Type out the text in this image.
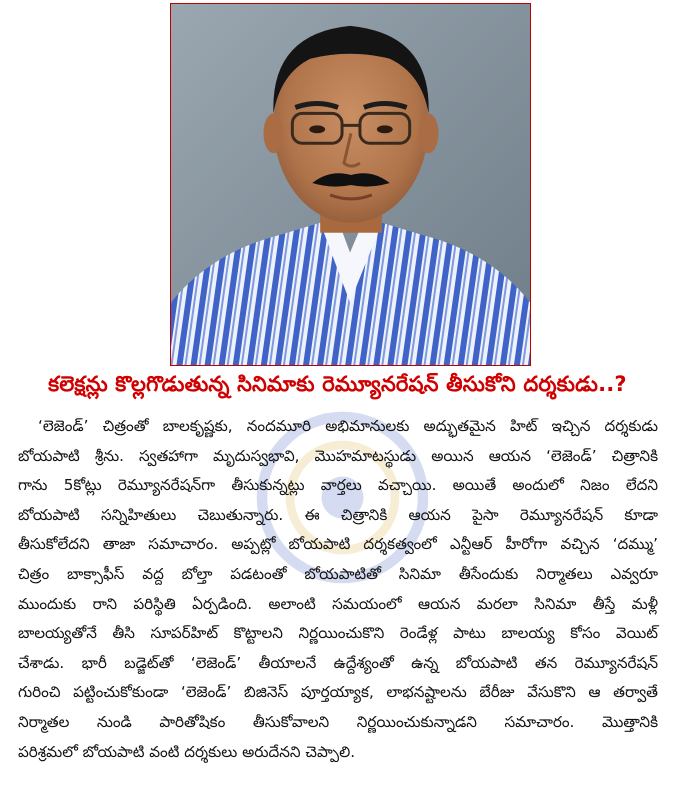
కలెక్షన్లు కొల్లగొడుతున్న సినిమాకు రెమ్యూనరేషన్ తీసుకోని దర్శకుడు..?
‘లెజెండ్’ చిత్రంతో బాలకృష్ణకు, నందమూరి అభిమానులకు అద్భుతమైన హిట్ ఇచ్చిన దర్శకుడు
బోయపాటి శ్రీను. స్వతహాగా మృదుస్వభావి, మొహమాటస్థుడు అయిన ఆయన ‘లెజెండ్’ చిత్రానికి
గాను 5కోట్లు రెమ్యూనరేషన్‌గా తీసుకున్నట్లు వార్తలు వచ్చాయి. అయితే అందులో నిజం లేదని
బోయపాటి సన్నిహితులు చెబుతున్నారు. ఈ చిత్రానికి ఆయన పైసా రెమ్యూనరేషన్ కూడా
తీసుకోలేదని తాజా సమాచారం. అప్పట్లో బోయపాటి దర్శకత్వంలో ఎన్టీఆర్ హీరోగా వచ్చిన ‘దమ్ము’
చిత్రం బాక్సాఫీస్ వద్ద బోల్తా పడటంతో బోయపాటితో సినిమా తీసేందుకు నిర్మాతలు ఎవ్వరూ
ముందుకు రాని పరిస్థితి ఏర్పడింది. అలాంటి సమయంలో ఆయన మరలా సినిమా తీస్తే మళ్లీ
బాలయ్యతోనే తీసి సూపర్‌హిట్ కొట్టాలని నిర్ణయించుకొని రెండేళ్ల పాటు బాలయ్య కోసం వెయిట్
చేశాడు. భారీ బడ్జెట్‌తో ‘లెజెండ్’ తీయాలనే ఉద్దేశ్యంతో ఉన్న బోయపాటి తన రెమ్యూనరేషన్
గురించి పట్టించుకోకుండా ‘లెజెండ్’ బిజినెస్ పూర్తయ్యాక, లాభనష్టాలను బేరీజు వేసుకొని ఆ తర్వాతే
నిర్మాతల నుండి పారితోషికం తీసుకోవాలని నిర్ణయించుకున్నాడని సమాచారం. మొత్తానికి
పరిశ్రమలో బోయపాటి వంటి దర్శకులు అరుదేనని చెప్పాలి.
